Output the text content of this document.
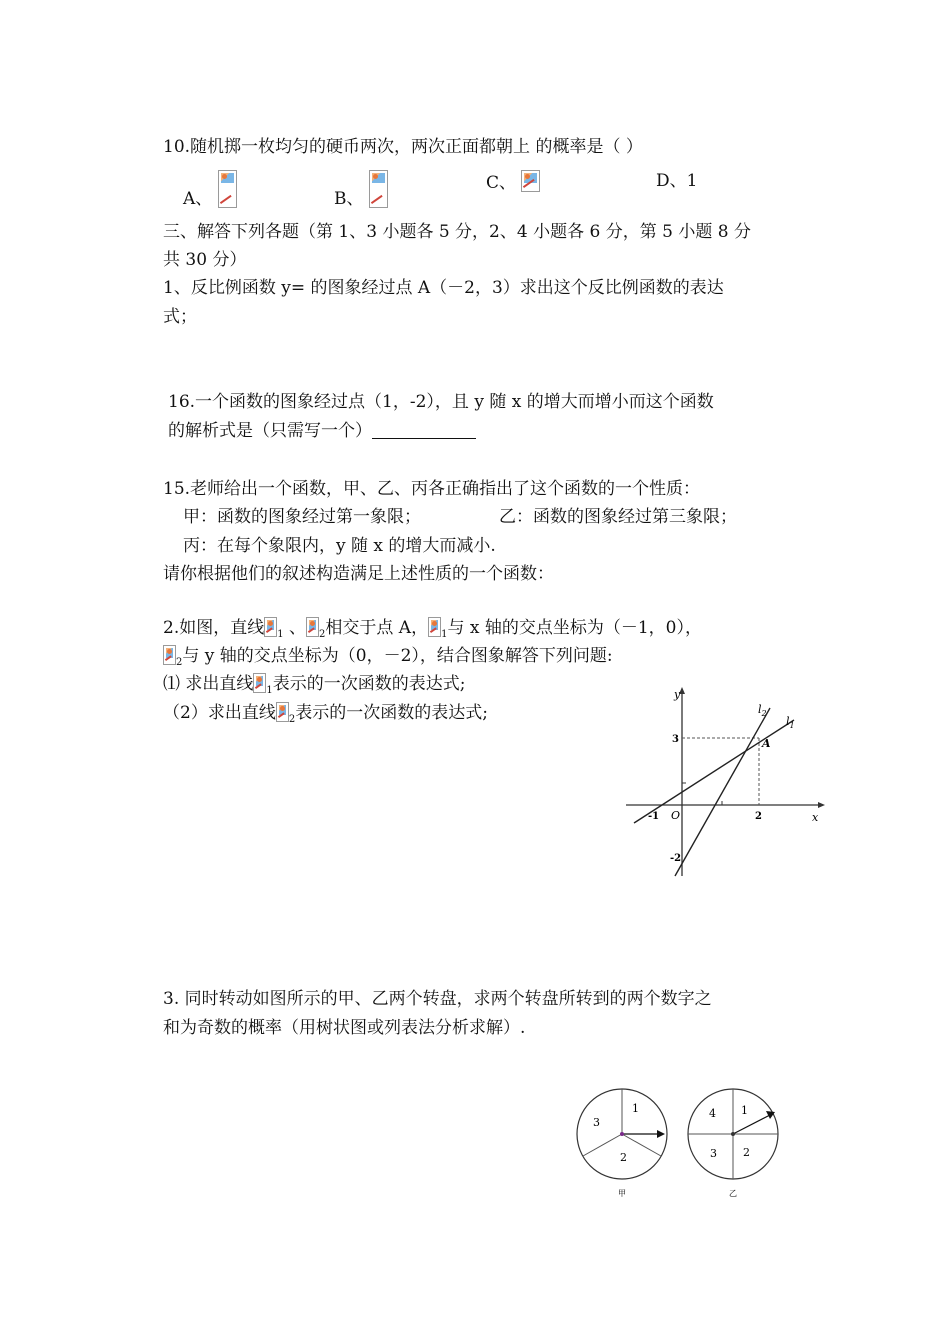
10.随机掷一枚均匀的硬币两次，两次正面都朝上 的概率是（ ）
A、	B、
C、	D、1
三、解答下列各题（第 1、3 小题各 5 分，2、4 小题各 6 分，第 5 小题 8 分
共 30 分）
1、反比例函数 y= 的图象经过点 A（－2，3）求出这个反比例函数的表达
式；
16.一个函数的图象经过点（1，-2），且 y 随 x 的增大而增小而这个函数
的解析式是（只需写一个）
15.老师给出一个函数，甲、乙、丙各正确指出了这个函数的一个性质：
甲：函数的图象经过第一象限；	乙：函数的图象经过第三象限；
丙：在每个象限内，y 随 x 的增大而减小.
请你根据他们的叙述构造满足上述性质的一个函数：
2.如图，直线 $_1$ 、 $_2$相交于点 A， $_1$与 x 轴的交点坐标为（－1，0），
$_2$与 y 轴的交点坐标为（0，－2），结合图象解答下列问题:
⑴ 求出直线 $_1$表示的一次函数的表达式;
（2）求出直线 $_2$表示的一次函数的表达式;
y
x
O
-1	2
3
-2
A
$l_1$
$l_2$
3. 同时转动如图所示的甲、乙两个转盘，求两个转盘所转到的两个数字之
和为奇数的概率（用树状图或列表法分析求解）.
1
2
3
甲
1
2
3
4
乙
